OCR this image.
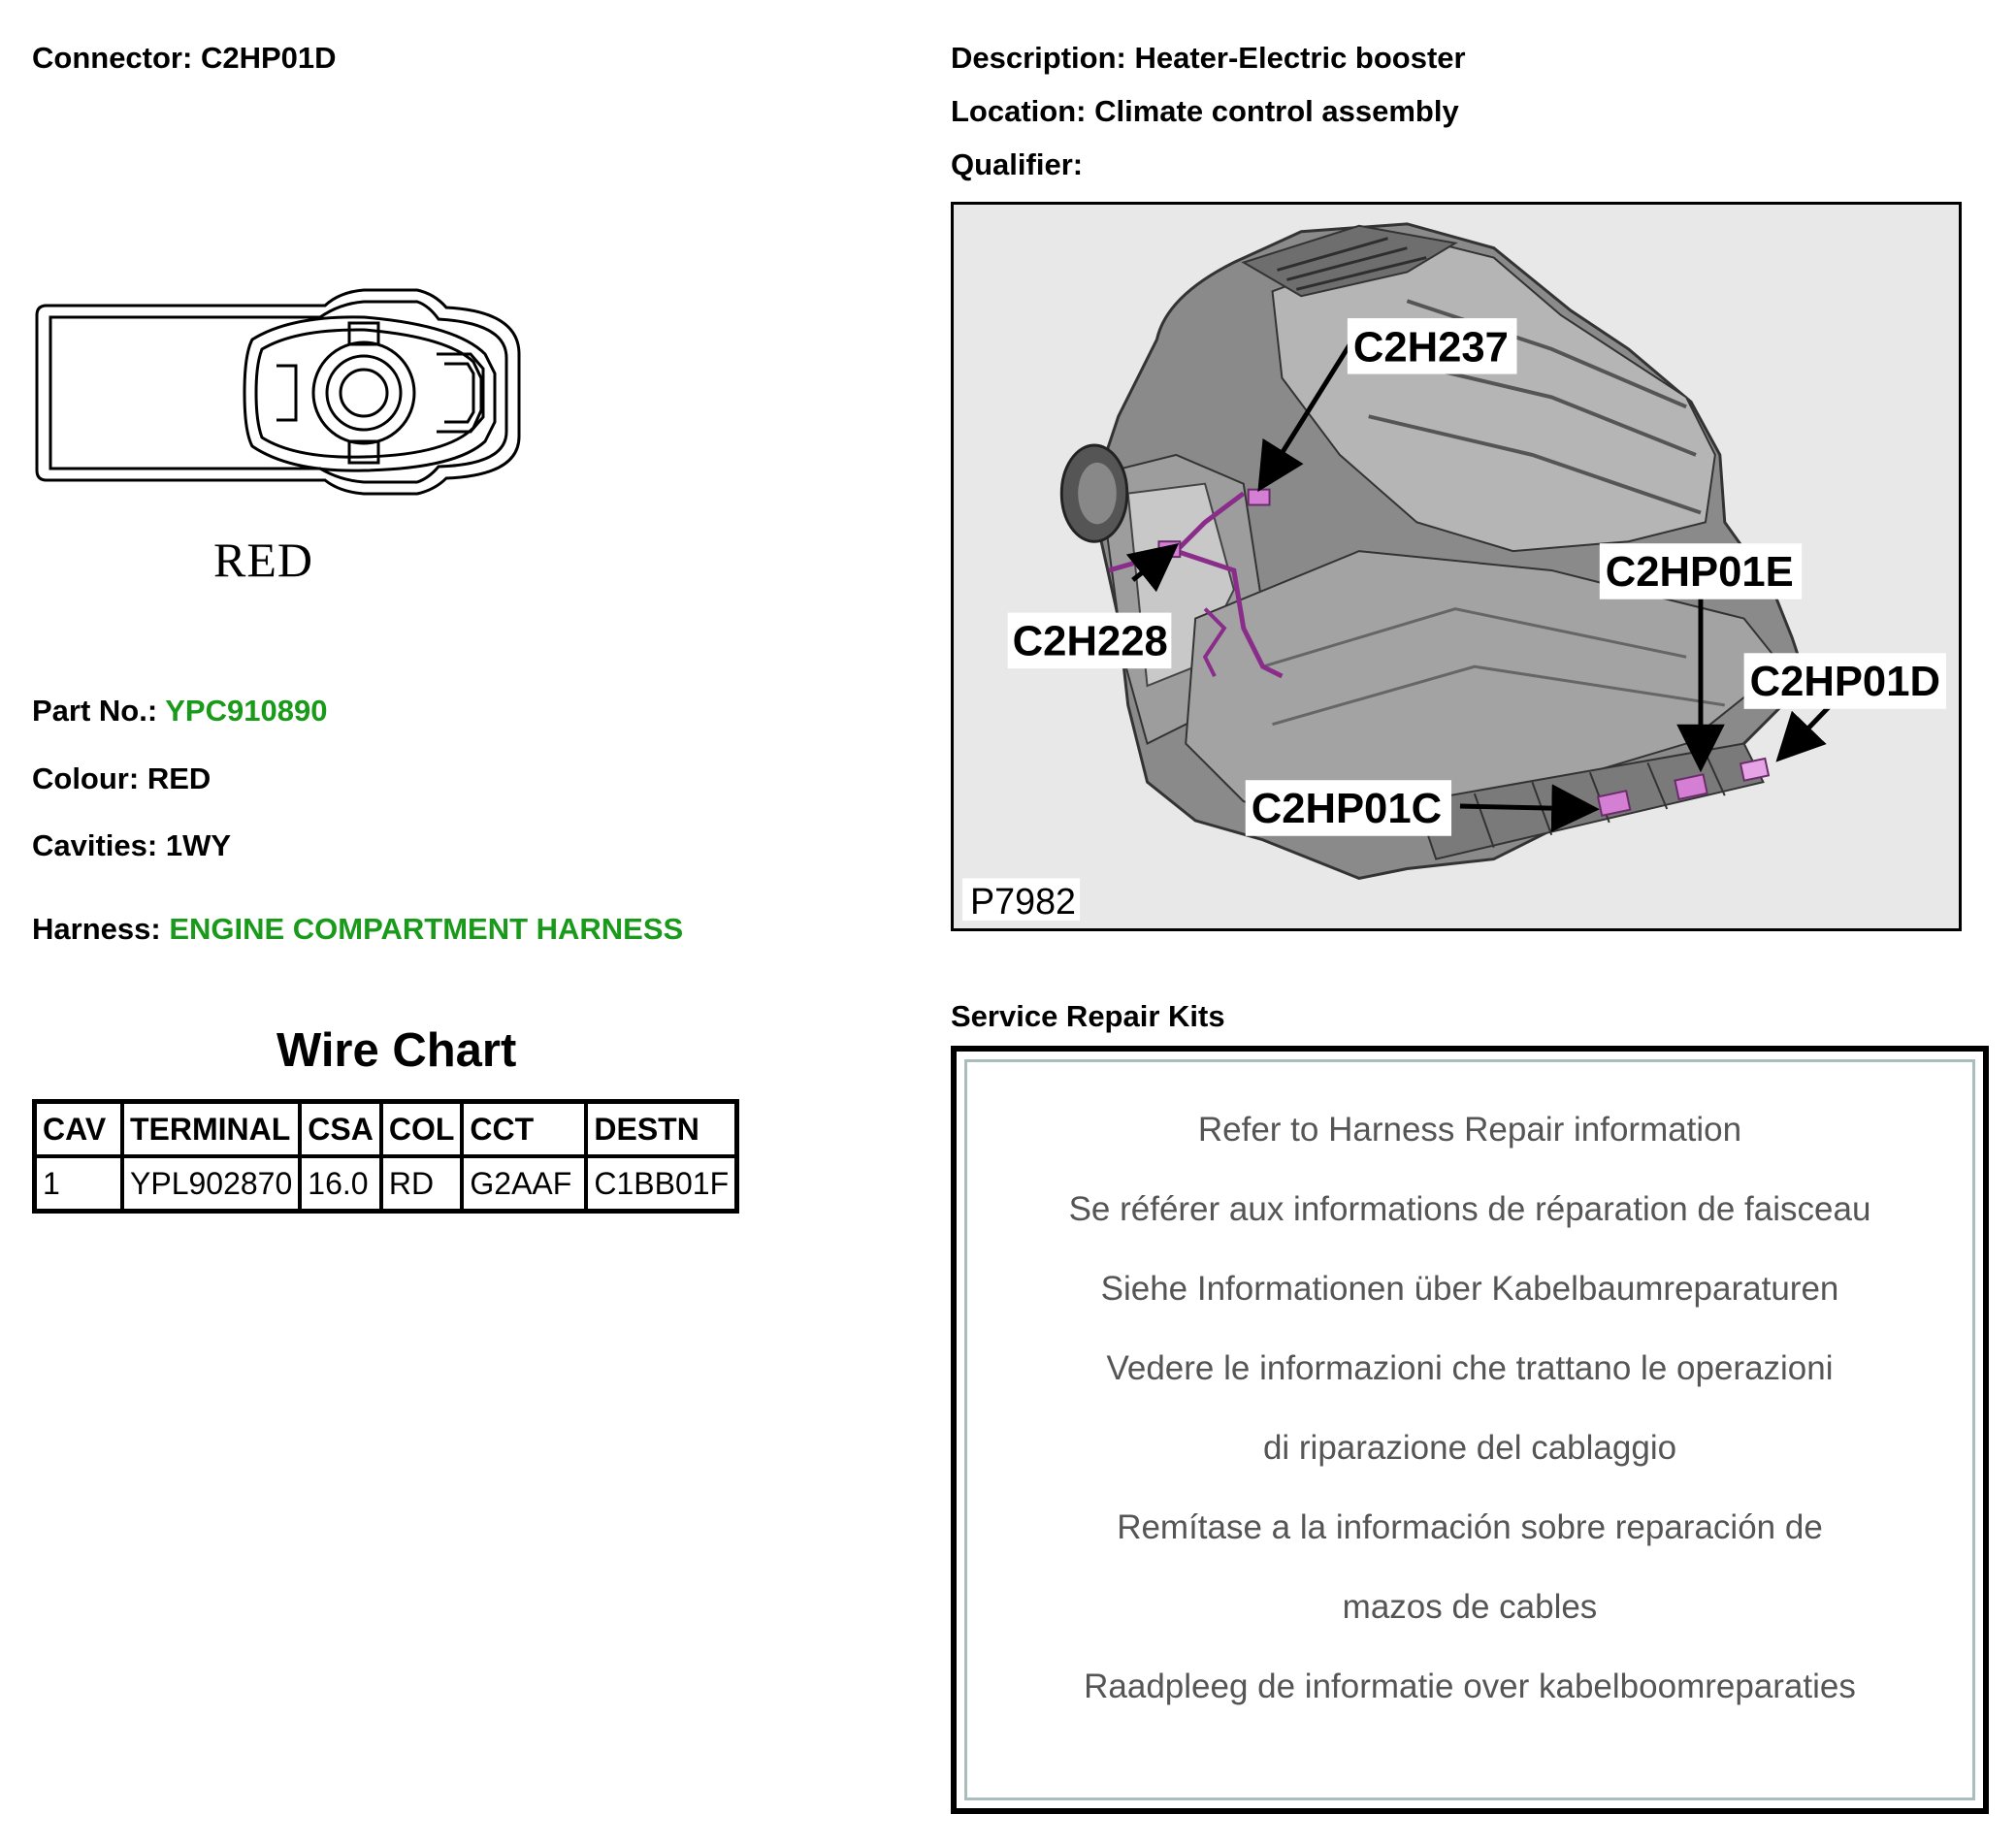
Connector: C2HP01D	Description: Heater-Electric booster
Location: Climate control assembly
Qualifier:
RED
Part No.: YPC910890
Colour: RED
Cavities: 1WY
Harness: ENGINE COMPARTMENT HARNESS
Wire Chart
CAV	TERMINAL	CSA	COL	CCT	DESTN
1	YPL902870	16.0	RD	G2AAF	C1BB01F
C2H237
C2H228
C2HP01E
C2HP01D
C2HP01C
P7982
Service Repair Kits
Refer to Harness Repair information
Se référer aux informations de réparation de faisceau
Siehe Informationen über Kabelbaumreparaturen
Vedere le informazioni che trattano le operazioni
di riparazione del cablaggio
Remítase a la información sobre reparación de
mazos de cables
Raadpleeg de informatie over kabelboomreparaties
